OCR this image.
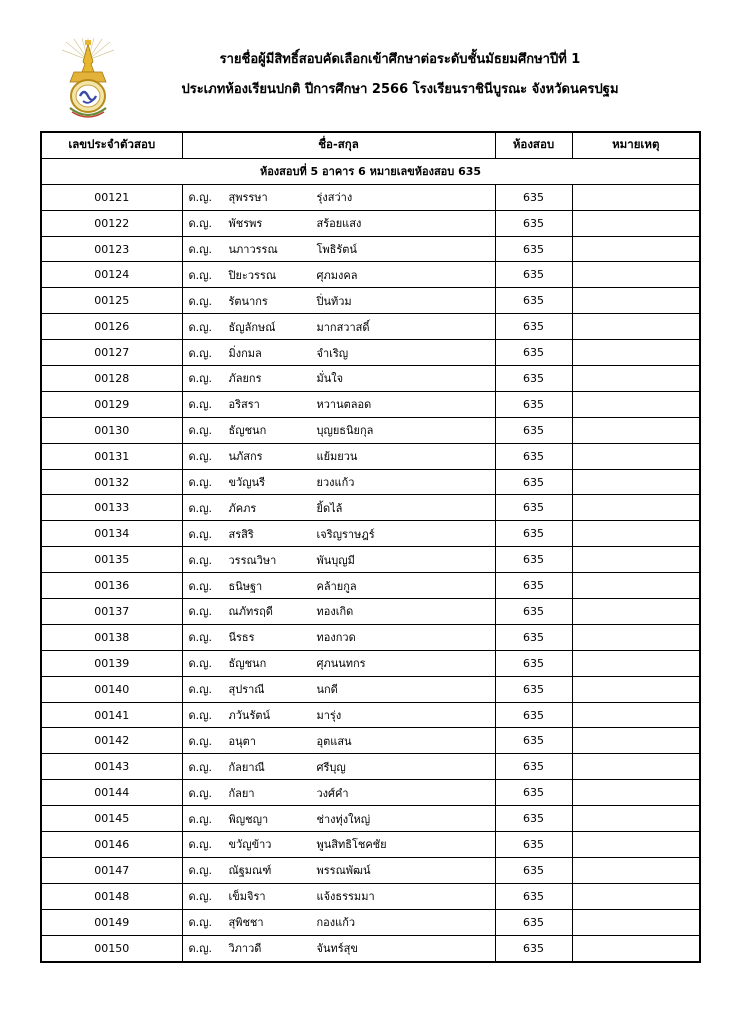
รายชื่อผู้มีสิทธิ์สอบคัดเลือกเข้าศึกษาต่อระดับชั้นมัธยมศึกษาปีที่ 1
ประเภทห้องเรียนปกติ ปีการศึกษา 2566 โรงเรียนราชินีบูรณะ จังหวัดนครปฐม
เลขประจำตัวสอบ	ชื่อ-สกุล	ห้องสอบ	หมายเหตุ
ห้องสอบที่ 5 อาคาร 6 หมายเลขห้องสอบ 635			
00121	ด.ญ. สุพรรษา รุ่งสว่าง	635	
00122	ด.ญ. พัชรพร สร้อยแสง	635	
00123	ด.ญ. นภาวรรณ โพธิรัตน์	635	
00124	ด.ญ. ปิยะวรรณ ศุภมงคล	635	
00125	ด.ญ. รัตนากร ปิ่นท้วม	635	
00126	ด.ญ. ธัญลักษณ์ มากสวาสดิ์	635	
00127	ด.ญ. มิ่งกมล จำเริญ	635	
00128	ด.ญ. ภัลยกร มั่นใจ	635	
00129	ด.ญ. อริสรา หวานตลอด	635	
00130	ด.ญ. ธัญชนก บุญยธนิยกุล	635	
00131	ด.ญ. นภัสกร แย้มยวน	635	
00132	ด.ญ. ขวัญนรี ยวงแก้ว	635	
00133	ด.ญ. ภัคภร ยิ้ดไล้	635	
00134	ด.ญ. สรสิริ เจริญราษฎร์	635	
00135	ด.ญ. วรรณวิษา พันบุญมี	635	
00136	ด.ญ. ธนิษฐา คล้ายกูล	635	
00137	ด.ญ. ณภัทรฤดี ทองเกิด	635	
00138	ด.ญ. นีรธร ทองกวด	635	
00139	ด.ญ. ธัญชนก ศุภนนทกร	635	
00140	ด.ญ. สุปราณี นกดี	635	
00141	ด.ญ. ภวันรัตน์ มารุ่ง	635	
00142	ด.ญ. อนุตา อุตแสน	635	
00143	ด.ญ. กัลยาณี ศรีบุญ	635	
00144	ด.ญ. กัลยา วงศ์คำ	635	
00145	ด.ญ. พิญชญา ช่างทุ่งใหญ่	635	
00146	ด.ญ. ขวัญข้าว พูนสิทธิโชคชัย	635	
00147	ด.ญ. ณัฐมณฑ์ พรรณพัฒน์	635	
00148	ด.ญ. เข็มจิรา แจ้งธรรมมา	635	
00149	ด.ญ. สุพิชชา กองแก้ว	635	
00150	ด.ญ. วิภาวดี จันทร์สุข	635	
